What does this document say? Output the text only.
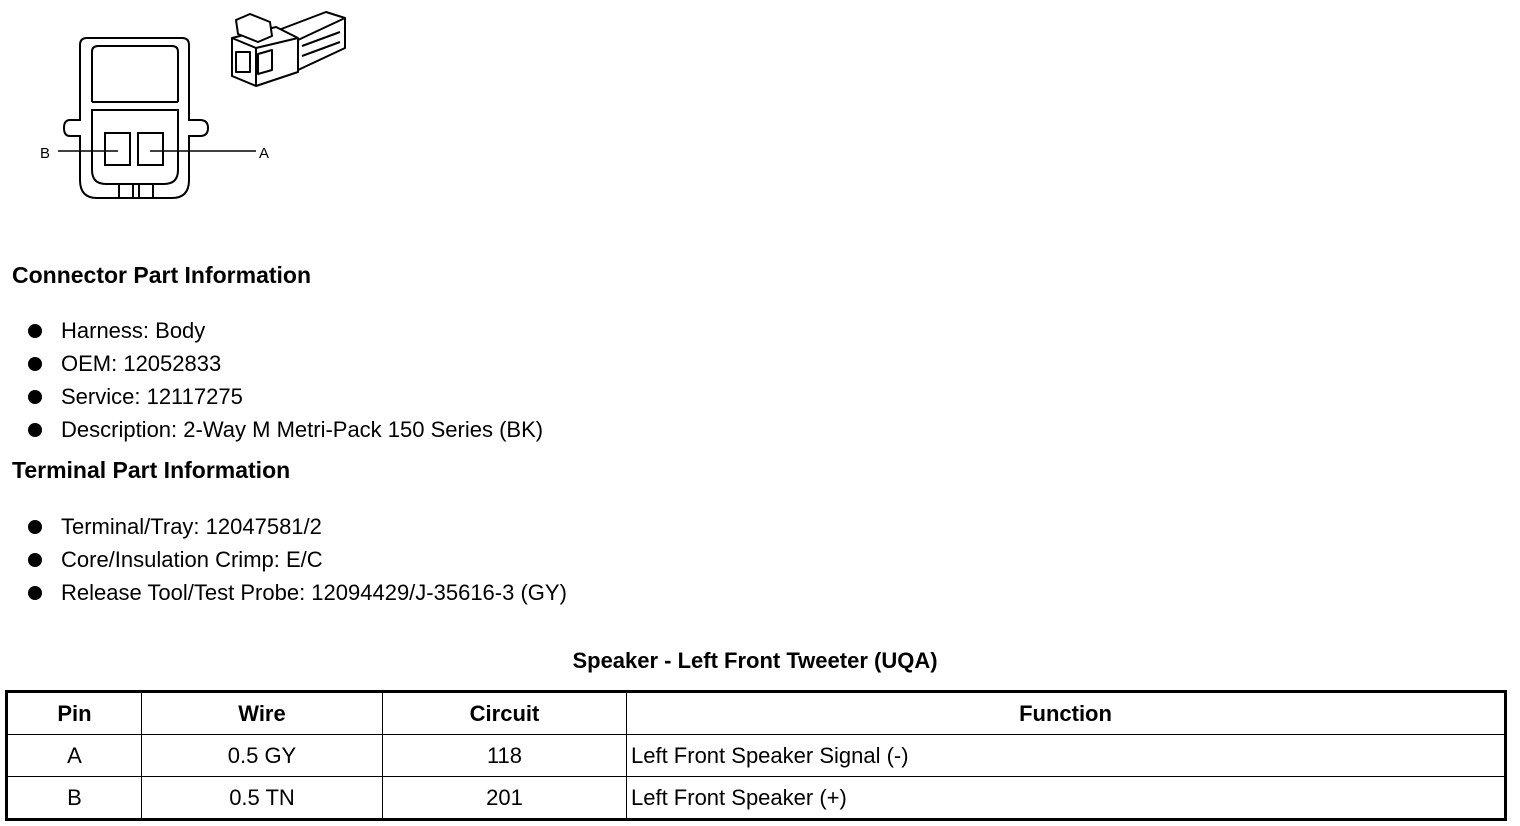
B	A
Connector Part Information
Harness: Body
OEM: 12052833
Service: 12117275
Description: 2-Way M Metri-Pack 150 Series (BK)
Terminal Part Information
Terminal/Tray: 12047581/2
Core/Insulation Crimp: E/C
Release Tool/Test Probe: 12094429/J-35616-3 (GY)
Speaker - Left Front Tweeter (UQA)
Pin	Wire	Circuit	Function
A	0.5 GY	118	Left Front Speaker Signal (-)
B	0.5 TN	201	Left Front Speaker (+)
